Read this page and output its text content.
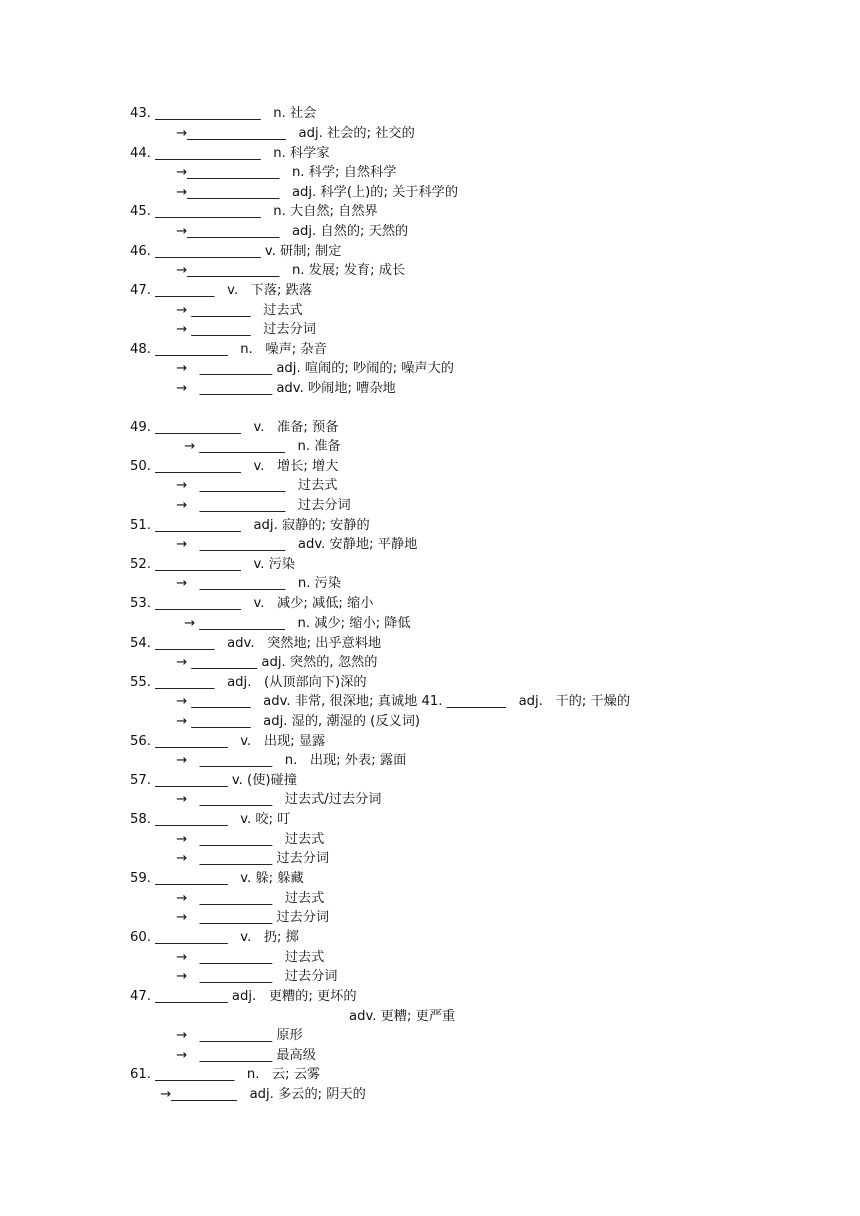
43. ________________   n. 社会
→_______________   adj. 社会的; 社交的
44. ________________   n. 科学家
→______________   n. 科学; 自然科学
→______________   adj. 科学(上)的; 关于科学的
45. ________________   n. 大自然; 自然界
→______________   adj. 自然的; 天然的
46. ________________ v. 研制; 制定
→______________   n. 发展; 发育; 成长
47. _________   v.   下落; 跌落
→ _________   过去式
→ _________   过去分词
48. ___________   n.   噪声; 杂音
→   ___________ adj. 喧闹的; 吵闹的; 噪声大的
→   ___________ adv. 吵闹地; 嘈杂地
49. _____________   v.   准备; 预备
→ _____________   n. 准备
50. _____________   v.   增长; 增大
→   _____________   过去式
→   _____________   过去分词
51. _____________   adj. 寂静的; 安静的
→   _____________   adv. 安静地; 平静地
52. _____________   v. 污染
→   _____________   n. 污染
53. _____________   v.   减少; 减低; 缩小
→ _____________   n. 减少; 缩小; 降低
54. _________   adv.   突然地; 出乎意料地
→ __________ adj. 突然的, 忽然的
55. _________   adj.   (从顶部向下)深的
→ _________   adv. 非常, 很深地; 真诚地 41. _________   adj.   干的; 干燥的
→ _________   adj. 湿的, 潮湿的 (反义词)
56. ___________   v.   出现; 显露
→   ___________   n.   出现; 外表; 露面
57. ___________ v. (使)碰撞
→   ___________   过去式/过去分词
58. ___________   v. 咬; 叮
→   ___________   过去式
→   ___________ 过去分词
59. ___________   v. 躲; 躲藏
→   ___________   过去式
→   ___________ 过去分词
60. ___________   v.   扔; 掷
→   ___________   过去式
→   ___________   过去分词
47. ___________ adj.   更糟的; 更坏的
adv. 更糟; 更严重
→   ___________ 原形
→   ___________ 最高级
61. ____________   n.   云; 云雾
→__________   adj. 多云的; 阴天的
